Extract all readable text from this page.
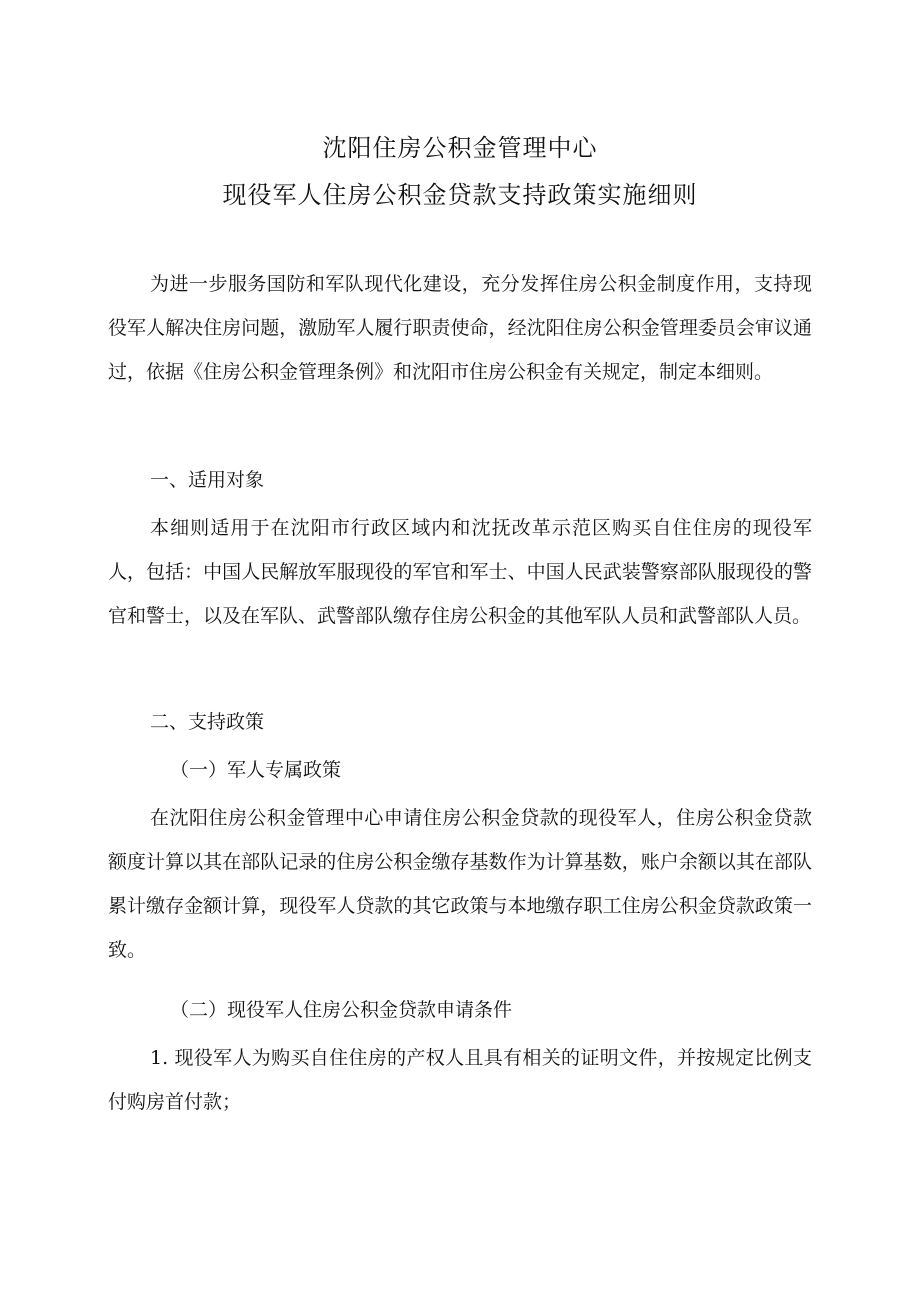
沈阳住房公积金管理中心
现役军人住房公积金贷款支持政策实施细则

为进一步服务国防和军队现代化建设，充分发挥住房公积金制度作用，支持现役军人解决住房问题，激励军人履行职责使命，经沈阳住房公积金管理委员会审议通过，依据《住房公积金管理条例》和沈阳市住房公积金有关规定，制定本细则。

一、适用对象

本细则适用于在沈阳市行政区域内和沈抚改革示范区购买自住住房的现役军人，包括：中国人民解放军服现役的军官和军士、中国人民武装警察部队服现役的警官和警士，以及在军队、武警部队缴存住房公积金的其他军队人员和武警部队人员。

二、支持政策

（一）军人专属政策

在沈阳住房公积金管理中心申请住房公积金贷款的现役军人，住房公积金贷款额度计算以其在部队记录的住房公积金缴存基数作为计算基数，账户余额以其在部队累计缴存金额计算，现役军人贷款的其它政策与本地缴存职工住房公积金贷款政策一致。

（二）现役军人住房公积金贷款申请条件

1. 现役军人为购买自住住房的产权人且具有相关的证明文件，并按规定比例支付购房首付款；
